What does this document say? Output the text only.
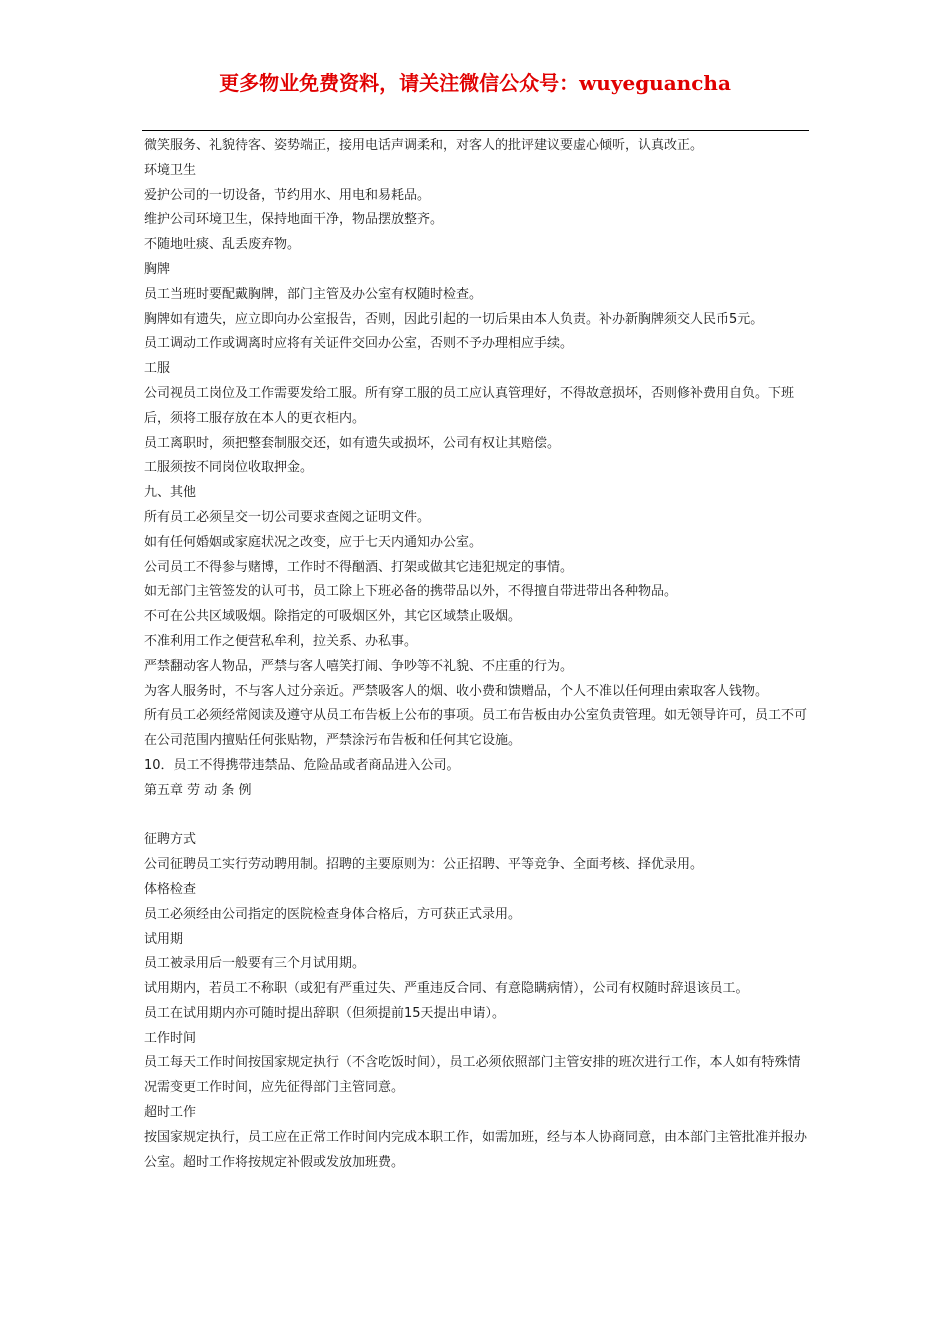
更多物业免费资料，请关注微信公众号：wuyeguancha

微笑服务、礼貌待客、姿势端正，接用电话声调柔和，对客人的批评建议要虚心倾听，认真改正。

环境卫生

爱护公司的一切设备，节约用水、用电和易耗品。

维护公司环境卫生，保持地面干净，物品摆放整齐。

不随地吐痰、乱丢废弃物。

胸牌

员工当班时要配戴胸牌，部门主管及办公室有权随时检查。

胸牌如有遗失，应立即向办公室报告，否则，因此引起的一切后果由本人负责。补办新胸牌须交人民币5元。

员工调动工作或调离时应将有关证件交回办公室，否则不予办理相应手续。

工服

公司视员工岗位及工作需要发给工服。所有穿工服的员工应认真管理好，不得故意损坏，否则修补费用自负。下班后，须将工服存放在本人的更衣柜内。

员工离职时，须把整套制服交还，如有遗失或损坏，公司有权让其赔偿。

工服须按不同岗位收取押金。

九、其他

所有员工必须呈交一切公司要求查阅之证明文件。

如有任何婚姻或家庭状况之改变，应于七天内通知办公室。

公司员工不得参与赌博，工作时不得酗酒、打架或做其它违犯规定的事情。

如无部门主管签发的认可书，员工除上下班必备的携带品以外，不得擅自带进带出各种物品。

不可在公共区域吸烟。除指定的可吸烟区外，其它区域禁止吸烟。

不准利用工作之便营私牟利，拉关系、办私事。

严禁翻动客人物品，严禁与客人嘻笑打闹、争吵等不礼貌、不庄重的行为。

为客人服务时，不与客人过分亲近。严禁吸客人的烟、收小费和馈赠品，个人不准以任何理由索取客人钱物。

所有员工必须经常阅读及遵守从员工布告板上公布的事项。员工布告板由办公室负责管理。如无领导许可，员工不可在公司范围内擅贴任何张贴物，严禁涂污布告板和任何其它设施。

10．员工不得携带违禁品、危险品或者商品进入公司。

第五章 劳 动 条 例

征聘方式

公司征聘员工实行劳动聘用制。招聘的主要原则为：公正招聘、平等竞争、全面考核、择优录用。

体格检查

员工必须经由公司指定的医院检查身体合格后，方可获正式录用。

试用期

员工被录用后一般要有三个月试用期。

试用期内，若员工不称职（或犯有严重过失、严重违反合同、有意隐瞒病情），公司有权随时辞退该员工。

员工在试用期内亦可随时提出辞职（但须提前15天提出申请）。

工作时间

员工每天工作时间按国家规定执行（不含吃饭时间），员工必须依照部门主管安排的班次进行工作，本人如有特殊情况需变更工作时间，应先征得部门主管同意。

超时工作

按国家规定执行，员工应在正常工作时间内完成本职工作，如需加班，经与本人协商同意，由本部门主管批准并报办公室。超时工作将按规定补假或发放加班费。
